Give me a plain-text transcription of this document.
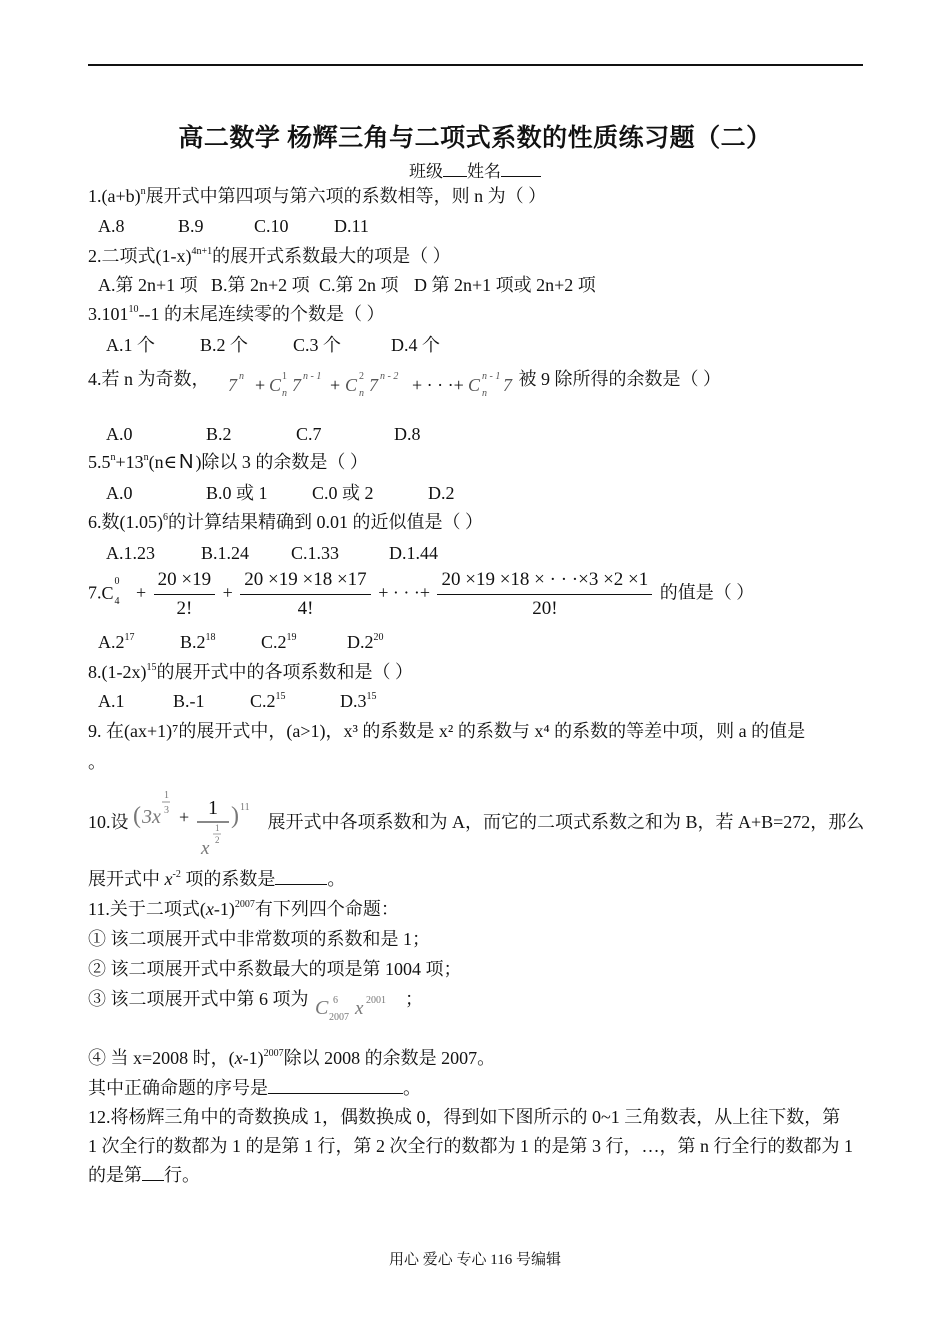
高二数学 杨辉三角与二项式系数的性质练习题（二）
班级 姓名
$1.(a+b)^n$展开式中第四项与第六项的系数相等，则 n 为（ ）
A.8	B.9	C.10	D.11
2.二项式$(1-x)^{4n+1}$的展开式系数最大的项是（ ）
A.第 2n+1 项 B.第 2n+2 项 C.第 2n 项 D 第 2n+1 项或 2n+2 项
3.101$^{10}$--1 的末尾连续零的个数是（ ）
A.1 个	B.2 个 C.3 个	D.4 个
4.若 n 为奇数， 7 n + C 1
n 7 n - 1 + C 2
n 7 n - 2 + · · ·+ C n - 1
n 7 被 9 除所得的余数是（ ）
A.0	B.2	C.7	D.8
$5.5^n+13^n(n\in$ N )除以 3 的余数是（ ）
A.0	B.0 或 1 C.0 或 2	D.2
6.数$(1.05)^6$的计算结果精确到 0.01 的近似值是（ ）
A.1.23	B.1.24 C.1.33	D.1.44
7.C
0
$4 + \frac{20 \times 19}{2!} + \frac{20 \times 19 \times 18 \times 17}{4!}$ + · · ·+ $\frac{20 \times 19 \times 18 \times \cdot \cdot \cdot\times 3 \times 2 \times 1}{20!}$ 的值是（ ）
$A.2^{17}$	$B.2^{18}$	$C.2^{19}$	$D.2^{20}$
$8.(1-2x)^{15}$的展开式中的各项系数和是（ ）
A.1	B.-1	$C.2^{15}$	$D.3^{15}$
9. 在(ax+1)⁷的展开式中，(a>1)，x³ 的系数是 x² 的系数与 x⁴ 的系数的等差中项，则 a 的值是
。
10.设 ( 3x
1
3 + 1
1
2
x
) 11
展开式中各项系数和为 A，而它的二项式系数之和为 B，若 A+B=272，那么
展开式中 $x^{-2}$ 项的系数是	。
11.关于二项式$(x-1)^{2007}$有下列四个命题：
① 该二项展开式中非常数项的系数和是 1；
② 该二项展开式中系数最大的项是第 1004 项；
③ 该二项展开式中第 6 项为 C 6
2007 x 2001 ；
④ 当 x=2008 时，$(x-1)^{2007}$除以 2008 的余数是 2007。
其中正确命题的序号是	。
12.将杨辉三角中的奇数换成 1，偶数换成 0，得到如下图所示的 0~1 三角数表，从上往下数，第
1 次全行的数都为 1 的是第 1 行，第 2 次全行的数都为 1 的是第 3 行，…，第 n 行全行的数都为 1
的是第 行。
用心 爱心 专心 116 号编辑
